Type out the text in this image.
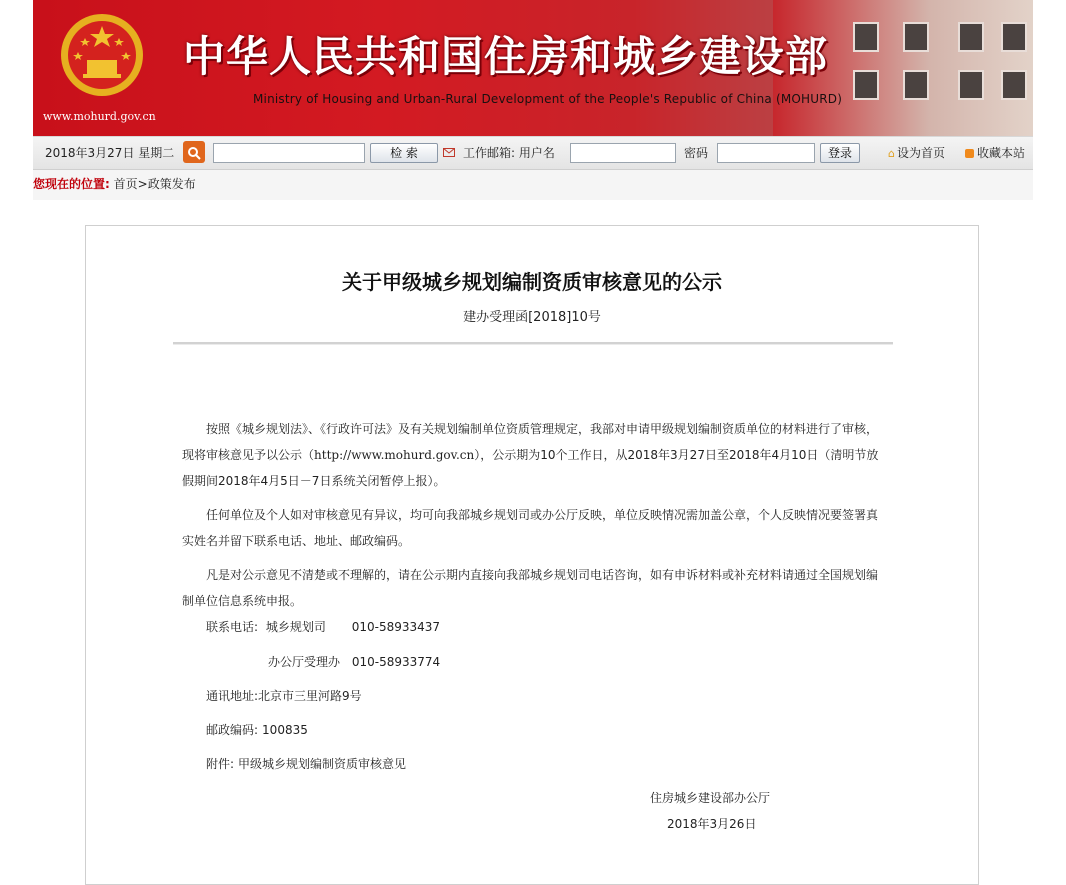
www.mohurd.gov.cn
中华人民共和国住房和城乡建设部
Ministry of Housing and Urban-Rural Development of the People's Republic of China (MOHURD)
2018年3月27日 星期二	检 索	工作邮箱: 用户名	密码	登录	⌂ 设为首页	收藏本站
您现在的位置: 首页>政策发布
关于甲级城乡规划编制资质审核意见的公示
建办受理函[2018]10号

按照《城乡规划法》、《行政许可法》及有关规划编制单位资质管理规定，我部对申请甲级规划编制资质单位的材料进行了审核，现将审核意见予以公示（http://www.mohurd.gov.cn），公示期为10个工作日，从2018年3月27日至2018年4月10日（清明节放假期间2018年4月5日－7日系统关闭暂停上报）。

任何单位及个人如对审核意见有异议，均可向我部城乡规划司或办公厅反映，单位反映情况需加盖公章，个人反映情况要签署真实姓名并留下联系电话、地址、邮政编码。

凡是对公示意见不清楚或不理解的，请在公示期内直接向我部城乡规划司电话咨询，如有申诉材料或补充材料请通过全国规划编制单位信息系统申报。

联系电话: 城乡规划司 010-58933437
办公厅受理办 010-58933774
通讯地址:北京市三里河路9号
邮政编码: 100835
附件: 甲级城乡规划编制资质审核意见
住房城乡建设部办公厅
2018年3月26日
